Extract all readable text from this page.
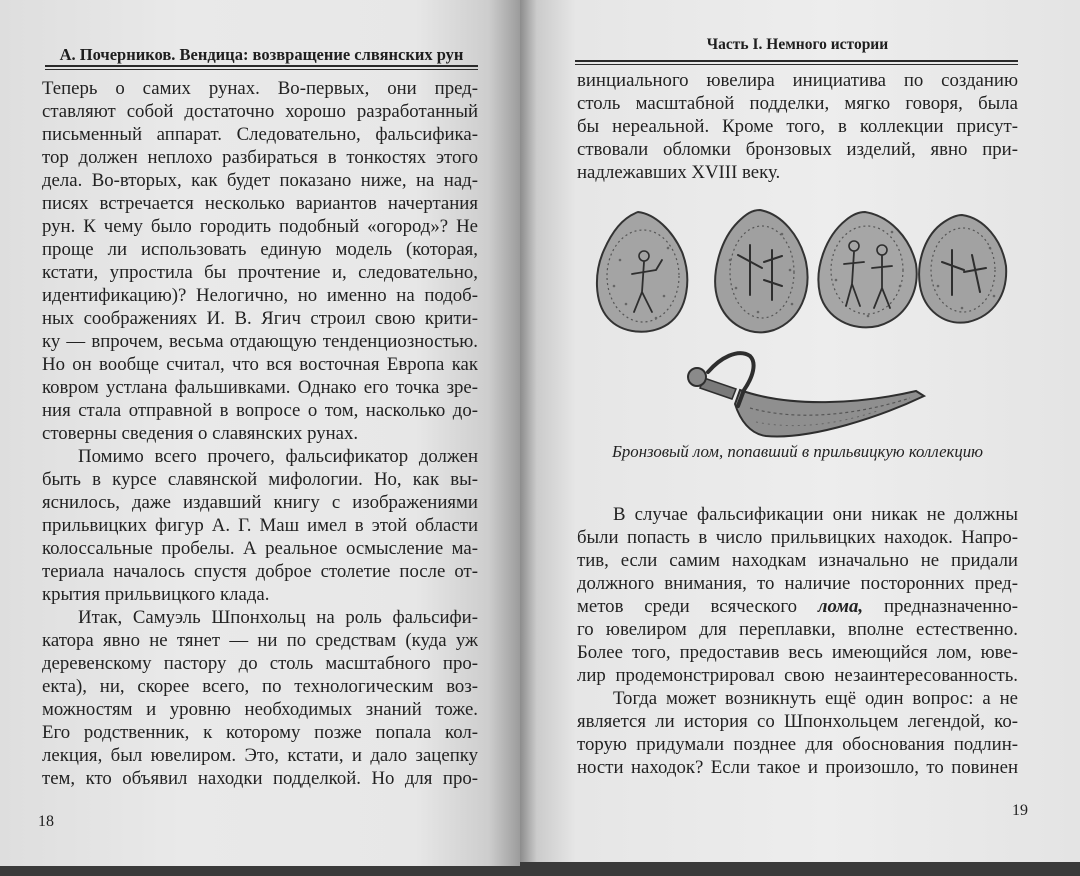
А. Почерников. Вендица: возвращение слвянских рун
Теперь о самих рунах. Во-первых, они пред-
ставляют собой достаточно хорошо разработанный
письменный аппарат. Следовательно, фальсифика-
тор должен неплохо разбираться в тонкостях этого
дела. Во-вторых, как будет показано ниже, на над-
писях встречается несколько вариантов начертания
рун. К чему было городить подобный «огород»? Не
проще ли использовать единую модель (которая,
кстати, упростила бы прочтение и, следовательно,
идентификацию)? Нелогично, но именно на подоб-
ных соображениях И. В. Ягич строил свою крити-
ку — впрочем, весьма отдающую тенденциозностью.
Но он вообще считал, что вся восточная Европа как
ковром устлана фальшивками. Однако его точка зре-
ния стала отправной в вопросе о том, насколько до-
стоверны сведения о славянских рунах.
Помимо всего прочего, фальсификатор должен
быть в курсе славянской мифологии. Но, как вы-
яснилось, даже издавший книгу с изображениями
прильвицких фигур А. Г. Маш имел в этой области
колоссальные пробелы. А реальное осмысление ма-
териала началось спустя доброе столетие после от-
крытия прильвицкого клада.
Итак, Самуэль Шпонхольц на роль фальсифи-
катора явно не тянет — ни по средствам (куда уж
деревенскому пастору до столь масштабного про-
екта), ни, скорее всего, по технологическим воз-
можностям и уровню необходимых знаний тоже.
Его родственник, к которому позже попала кол-
лекция, был ювелиром. Это, кстати, и дало зацепку
тем, кто объявил находки подделкой. Но для про-
18
Часть I. Немного истории
винциального ювелира инициатива по созданию
столь масштабной подделки, мягко говоря, была
бы нереальной. Кроме того, в коллекции присут-
ствовали обломки бронзовых изделий, явно при-
надлежавших XVIII веку.
Бронзовый лом, попавший в прильвицкую коллекцию
В случае фальсификации они никак не должны
были попасть в число прильвицких находок. Напро-
тив, если самим находкам изначально не придали
должного внимания, то наличие посторонних пред-
метов среди всяческого лома, предназначенно-
го ювелиром для переплавки, вполне естественно.
Более того, предоставив весь имеющийся лом, юве-
лир продемонстрировал свою незаинтересованность.
Тогда может возникнуть ещё один вопрос: а не
является ли история со Шпонхольцем легендой, ко-
торую придумали позднее для обоснования подлин-
ности находок? Если такое и произошло, то повинен
19
